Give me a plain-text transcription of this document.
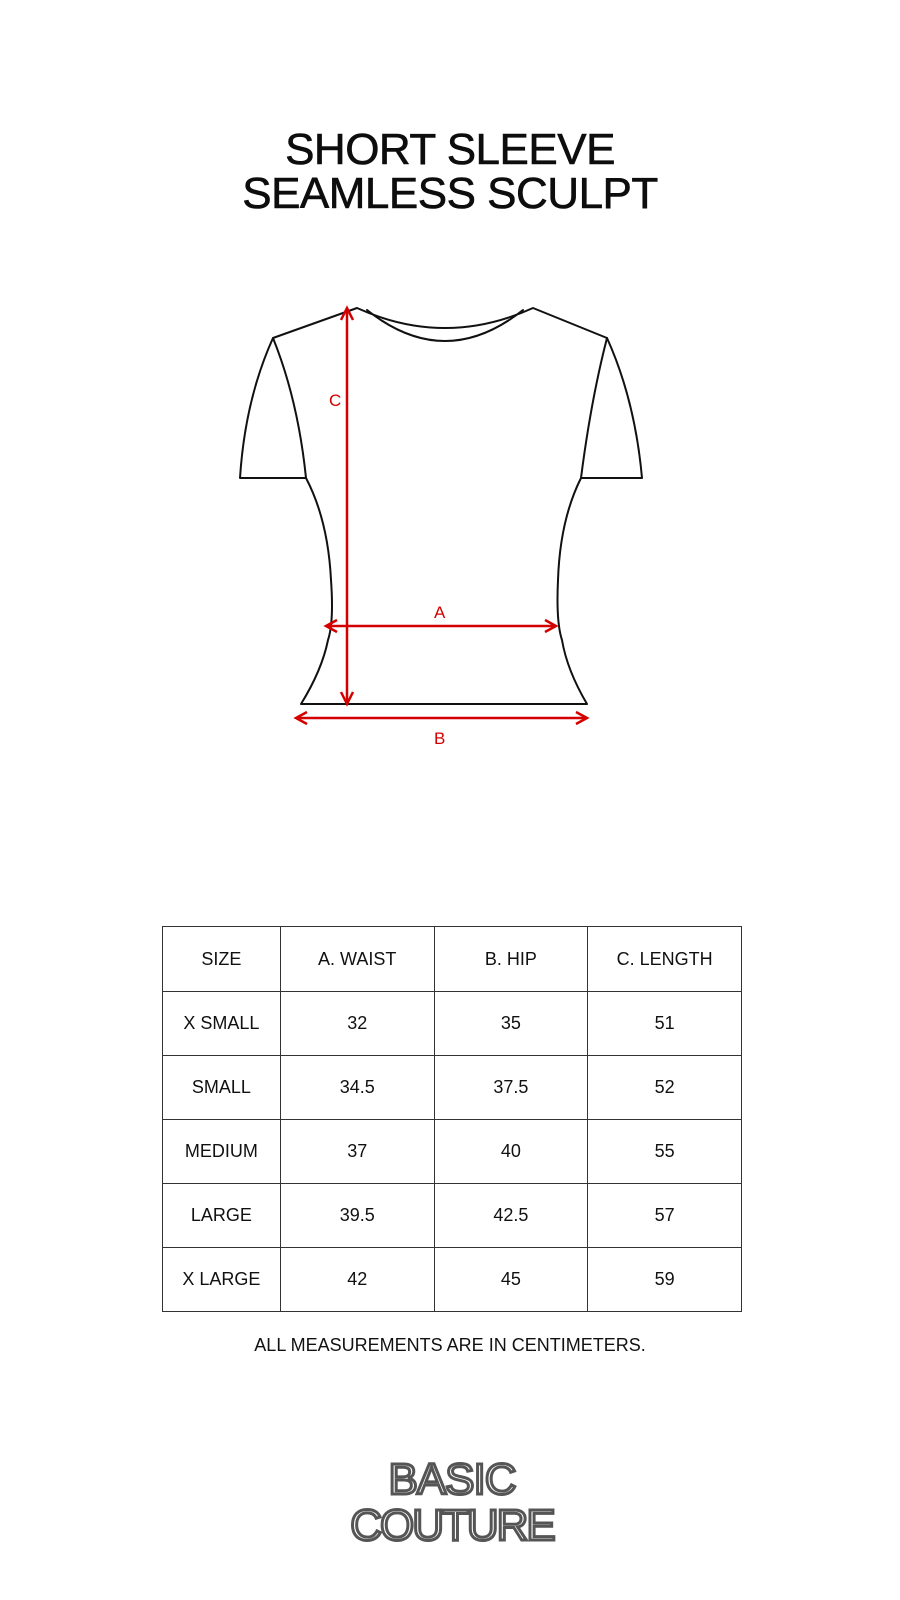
SHORT SLEEVE
SEAMLESS SCULPT
C
A
B
SIZE	A. WAIST	B. HIP	C. LENGTH
X SMALL	32	35	51
SMALL	34.5	37.5	52
MEDIUM	37	40	55
LARGE	39.5	42.5	57
X LARGE	42	45	59
ALL MEASUREMENTS ARE IN CENTIMETERS.
BASIC
COUTURE
